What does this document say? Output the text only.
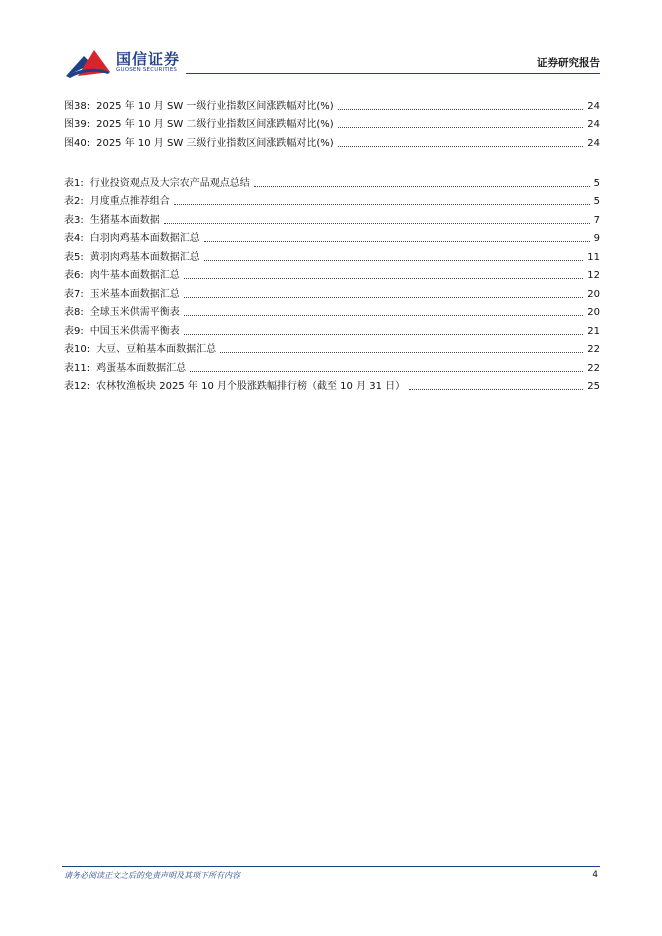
国信证券
GUOSEN SECURITIES
证券研究报告
图38: 2025 年 10 月 SW 一级行业指数区间涨跌幅对比(%)	24
图39: 2025 年 10 月 SW 二级行业指数区间涨跌幅对比(%)	24
图40: 2025 年 10 月 SW 三级行业指数区间涨跌幅对比(%)	24
表1: 行业投资观点及大宗农产品观点总结	5
表2: 月度重点推荐组合	5
表3: 生猪基本面数据	7
表4: 白羽肉鸡基本面数据汇总	9
表5: 黄羽肉鸡基本面数据汇总	11
表6: 肉牛基本面数据汇总	12
表7: 玉米基本面数据汇总	20
表8: 全球玉米供需平衡表	20
表9: 中国玉米供需平衡表	21
表10: 大豆、豆粕基本面数据汇总	22
表11: 鸡蛋基本面数据汇总	22
表12: 农林牧渔板块 2025 年 10 月个股涨跌幅排行榜（截至 10 月 31 日）	25
请务必阅读正文之后的免责声明及其项下所有内容	4
